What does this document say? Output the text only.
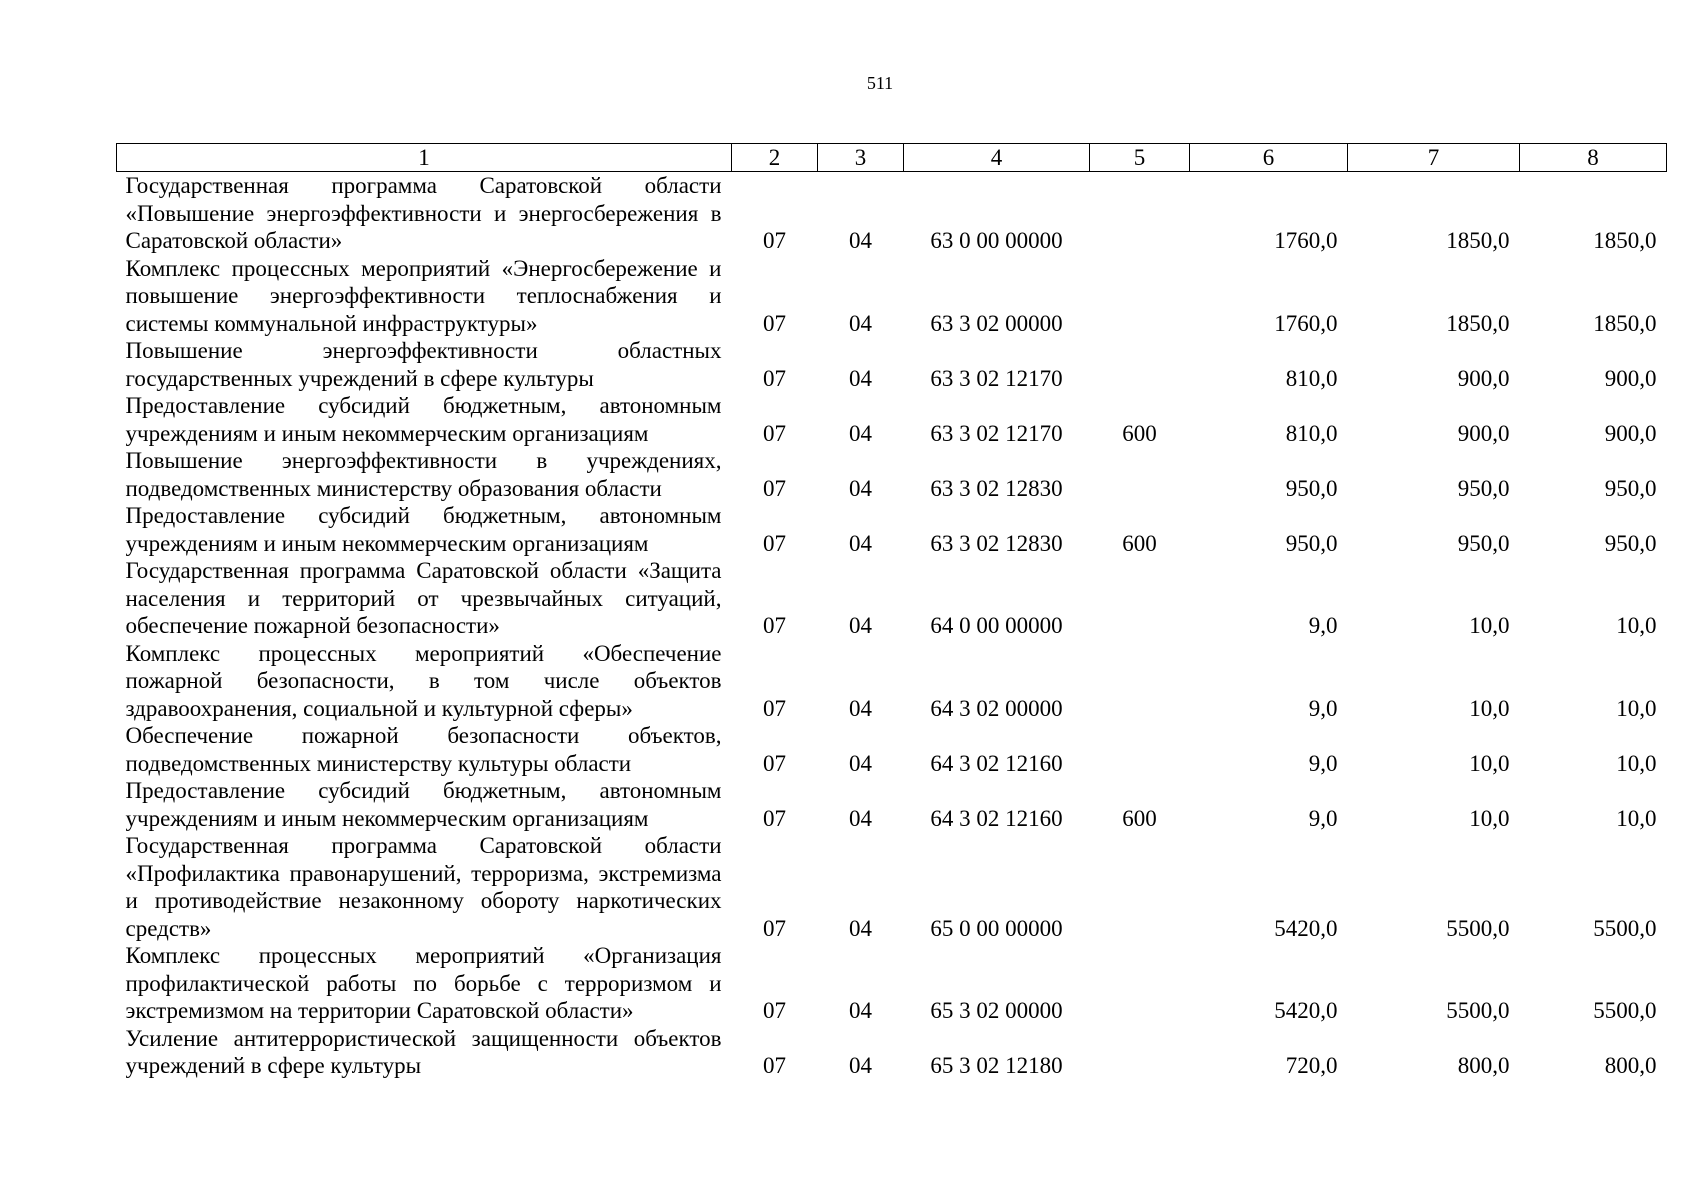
511
1	2	3	4	5	6	7	8
Государственная программа Саратовской области «Повышение энергоэффективности и энергосбережения в Саратовской области»	07	04	63 0 00 00000		1760,0	1850,0	1850,0
Комплекс процессных мероприятий «Энергосбережение и повышение энергоэффективности теплоснабжения и системы коммунальной инфраструктуры»	07	04	63 3 02 00000		1760,0	1850,0	1850,0
Повышение энергоэффективности областных государственных учреждений в сфере культуры	07	04	63 3 02 12170		810,0	900,0	900,0
Предоставление субсидий бюджетным, автономным учреждениям и иным некоммерческим организациям	07	04	63 3 02 12170	600	810,0	900,0	900,0
Повышение энергоэффективности в учреждениях, подведомственных министерству образования области	07	04	63 3 02 12830		950,0	950,0	950,0
Предоставление субсидий бюджетным, автономным учреждениям и иным некоммерческим организациям	07	04	63 3 02 12830	600	950,0	950,0	950,0
Государственная программа Саратовской области «Защита населения и территорий от чрезвычайных ситуаций, обеспечение пожарной безопасности»	07	04	64 0 00 00000		9,0	10,0	10,0
Комплекс процессных мероприятий «Обеспечение пожарной безопасности, в том числе объектов здравоохранения, социальной и культурной сферы»	07	04	64 3 02 00000		9,0	10,0	10,0
Обеспечение пожарной безопасности объектов, подведомственных министерству культуры области	07	04	64 3 02 12160		9,0	10,0	10,0
Предоставление субсидий бюджетным, автономным учреждениям и иным некоммерческим организациям	07	04	64 3 02 12160	600	9,0	10,0	10,0
Государственная программа Саратовской области «Профилактика правонарушений, терроризма, экстремизма и противодействие незаконному обороту наркотических средств»	07	04	65 0 00 00000		5420,0	5500,0	5500,0
Комплекс процессных мероприятий «Организация профилактической работы по борьбе с терроризмом и экстремизмом на территории Саратовской области»	07	04	65 3 02 00000		5420,0	5500,0	5500,0
Усиление антитеррористической защищенности объектов учреждений в сфере культуры	07	04	65 3 02 12180		720,0	800,0	800,0
